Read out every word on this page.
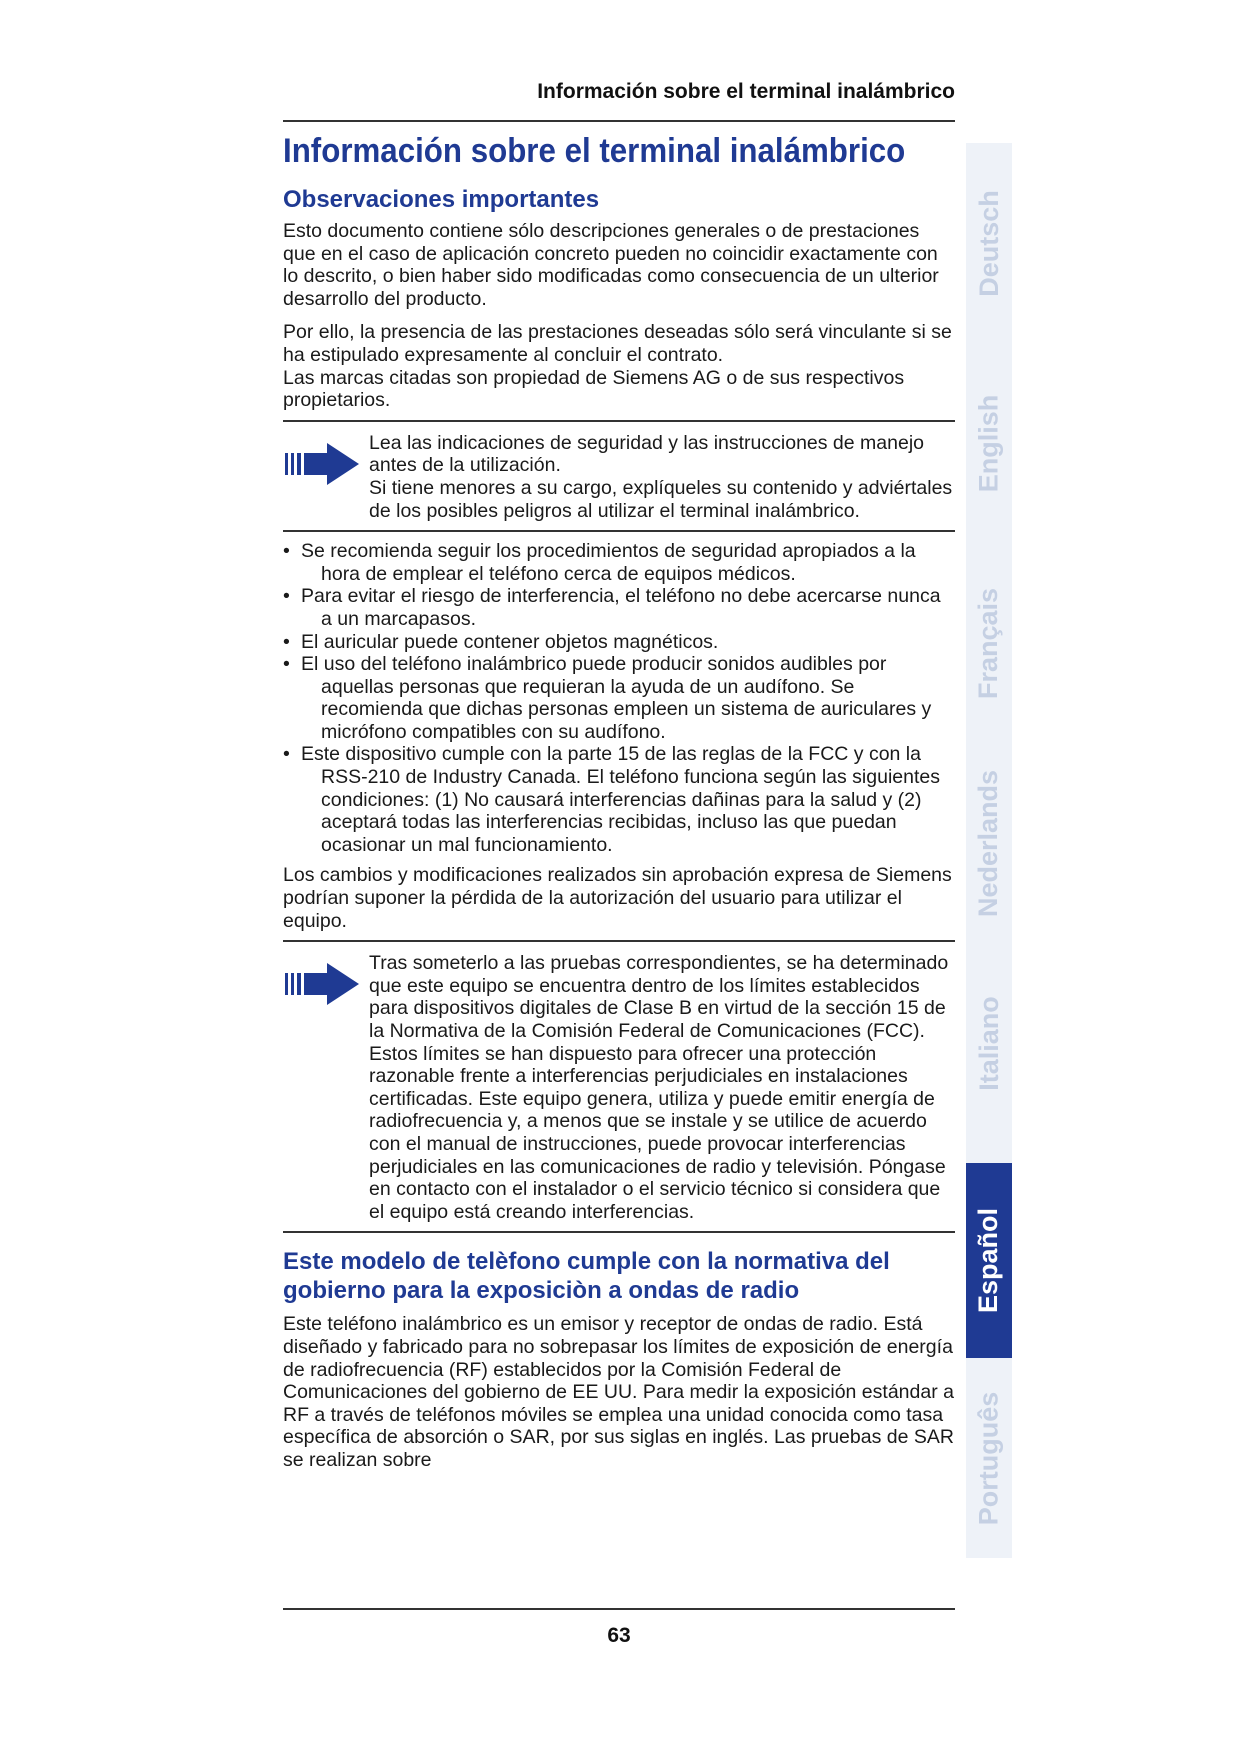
Información sobre el terminal inalámbrico
Información sobre el terminal inalámbrico
Observaciones importantes

Esto documento contiene sólo descripciones generales o de prestaciones que en el caso de aplicación concreto pueden no coincidir exactamente con lo descrito, o bien haber sido modificadas como consecuencia de un ulterior desarrollo del producto.

Por ello, la presencia de las prestaciones deseadas sólo será vinculante si se ha estipulado expresamente al concluir el contrato.

Las marcas citadas son propiedad de Siemens AG o de sus respectivos propietarios.

Lea las indicaciones de seguridad y las instrucciones de manejo antes de la utilización.
Si tiene menores a su cargo, explíqueles su contenido y adviértales de los posibles peligros al utilizar el terminal inalámbrico.
• Se recomienda seguir los procedimientos de seguridad apropiados a la hora de emplear el teléfono cerca de equipos médicos.
• Para evitar el riesgo de interferencia, el teléfono no debe acercarse nunca a un marcapasos.
• El auricular puede contener objetos magnéticos.
• El uso del teléfono inalámbrico puede producir sonidos audibles por aquellas personas que requieran la ayuda de un audífono. Se recomienda que dichas personas empleen un sistema de auriculares y micrófono compatibles con su audífono.
• Este dispositivo cumple con la parte 15 de las reglas de la FCC y con la RSS-210 de Industry Canada. El teléfono funciona según las siguientes condiciones: (1) No causará interferencias dañinas para la salud y (2) aceptará todas las interferencias recibidas, incluso las que puedan ocasionar un mal funcionamiento.

Los cambios y modificaciones realizados sin aprobación expresa de Siemens podrían suponer la pérdida de la autorización del usuario para utilizar el equipo.

Tras someterlo a las pruebas correspondientes, se ha determinado que este equipo se encuentra dentro de los límites establecidos para dispositivos digitales de Clase B en virtud de la sección 15 de la Normativa de la Comisión Federal de Comunicaciones (FCC). Estos límites se han dispuesto para ofrecer una protección razonable frente a interferencias perjudiciales en instalaciones certificadas. Este equipo genera, utiliza y puede emitir energía de radiofrecuencia y, a menos que se instale y se utilice de acuerdo con el manual de instrucciones, puede provocar interferencias perjudiciales en las comunicaciones de radio y televisión. Póngase en contacto con el instalador o el servicio técnico si considera que el equipo está creando interferencias.
Este modelo de telèfono cumple con la normativa del gobierno para la exposiciòn a ondas de radio

Este teléfono inalámbrico es un emisor y receptor de ondas de radio. Está diseñado y fabricado para no sobrepasar los límites de exposición de energía de radiofrecuencia (RF) establecidos por la Comisión Federal de Comunicaciones del gobierno de EE UU. Para medir la exposición estándar a RF a través de teléfonos móviles se emplea una unidad conocida como tasa específica de absorción o SAR, por sus siglas en inglés. Las pruebas de SAR se realizan sobre

Deutsch
English
Français
Nederlands
Italiano
Español
Português
63
